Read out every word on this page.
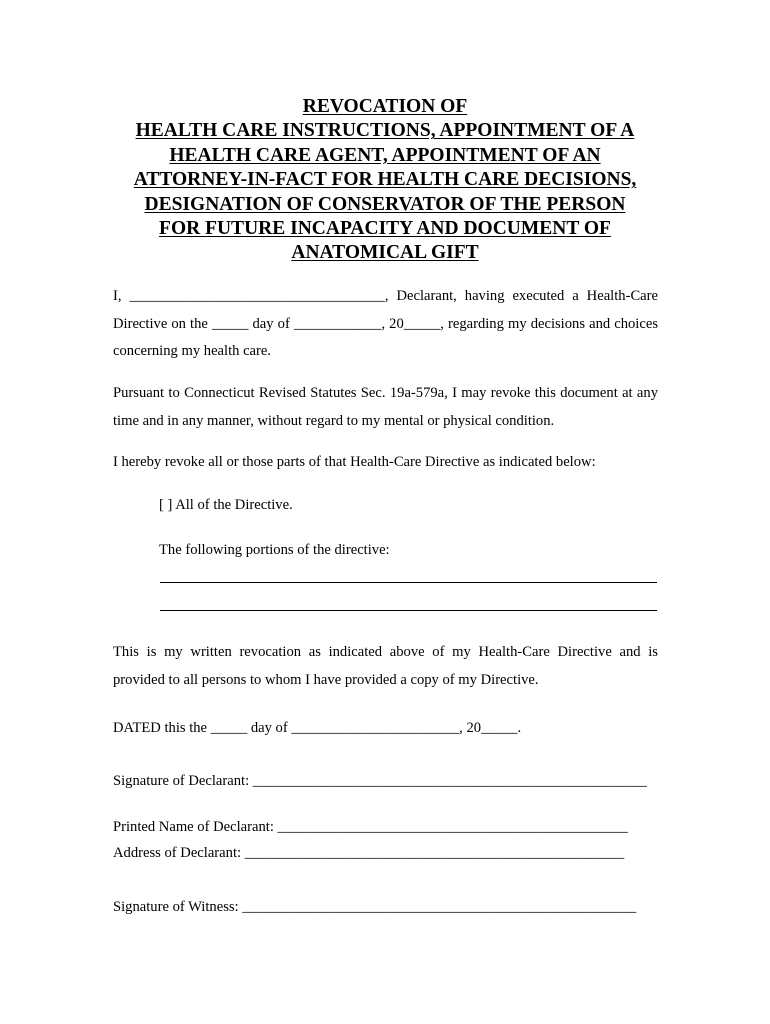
REVOCATION OF
HEALTH CARE INSTRUCTIONS, APPOINTMENT OF A
HEALTH CARE AGENT, APPOINTMENT OF AN
ATTORNEY-IN-FACT FOR HEALTH CARE DECISIONS,
DESIGNATION OF CONSERVATOR OF THE PERSON
FOR FUTURE INCAPACITY AND DOCUMENT OF
ANATOMICAL GIFT
I, ___________________________________, Declarant, having executed a Health-Care Directive on the _____ day of ____________, 20_____, regarding my decisions and choices concerning my health care.
Pursuant to Connecticut Revised Statutes Sec. 19a-579a, I may revoke this document at any time and in any manner, without regard to my mental or physical condition.
I hereby revoke all or those parts of that Health-Care Directive as indicated below:
[ ] All of the Directive.
The following portions of the directive:
This is my written revocation as indicated above of my Health-Care Directive and is provided to all persons to whom I have provided a copy of my Directive.
DATED this the _____ day of _______________________, 20_____.
Signature of Declarant: ______________________________________________________
Printed Name of Declarant: ________________________________________________
Address of Declarant: ____________________________________________________
Signature of Witness: ______________________________________________________
